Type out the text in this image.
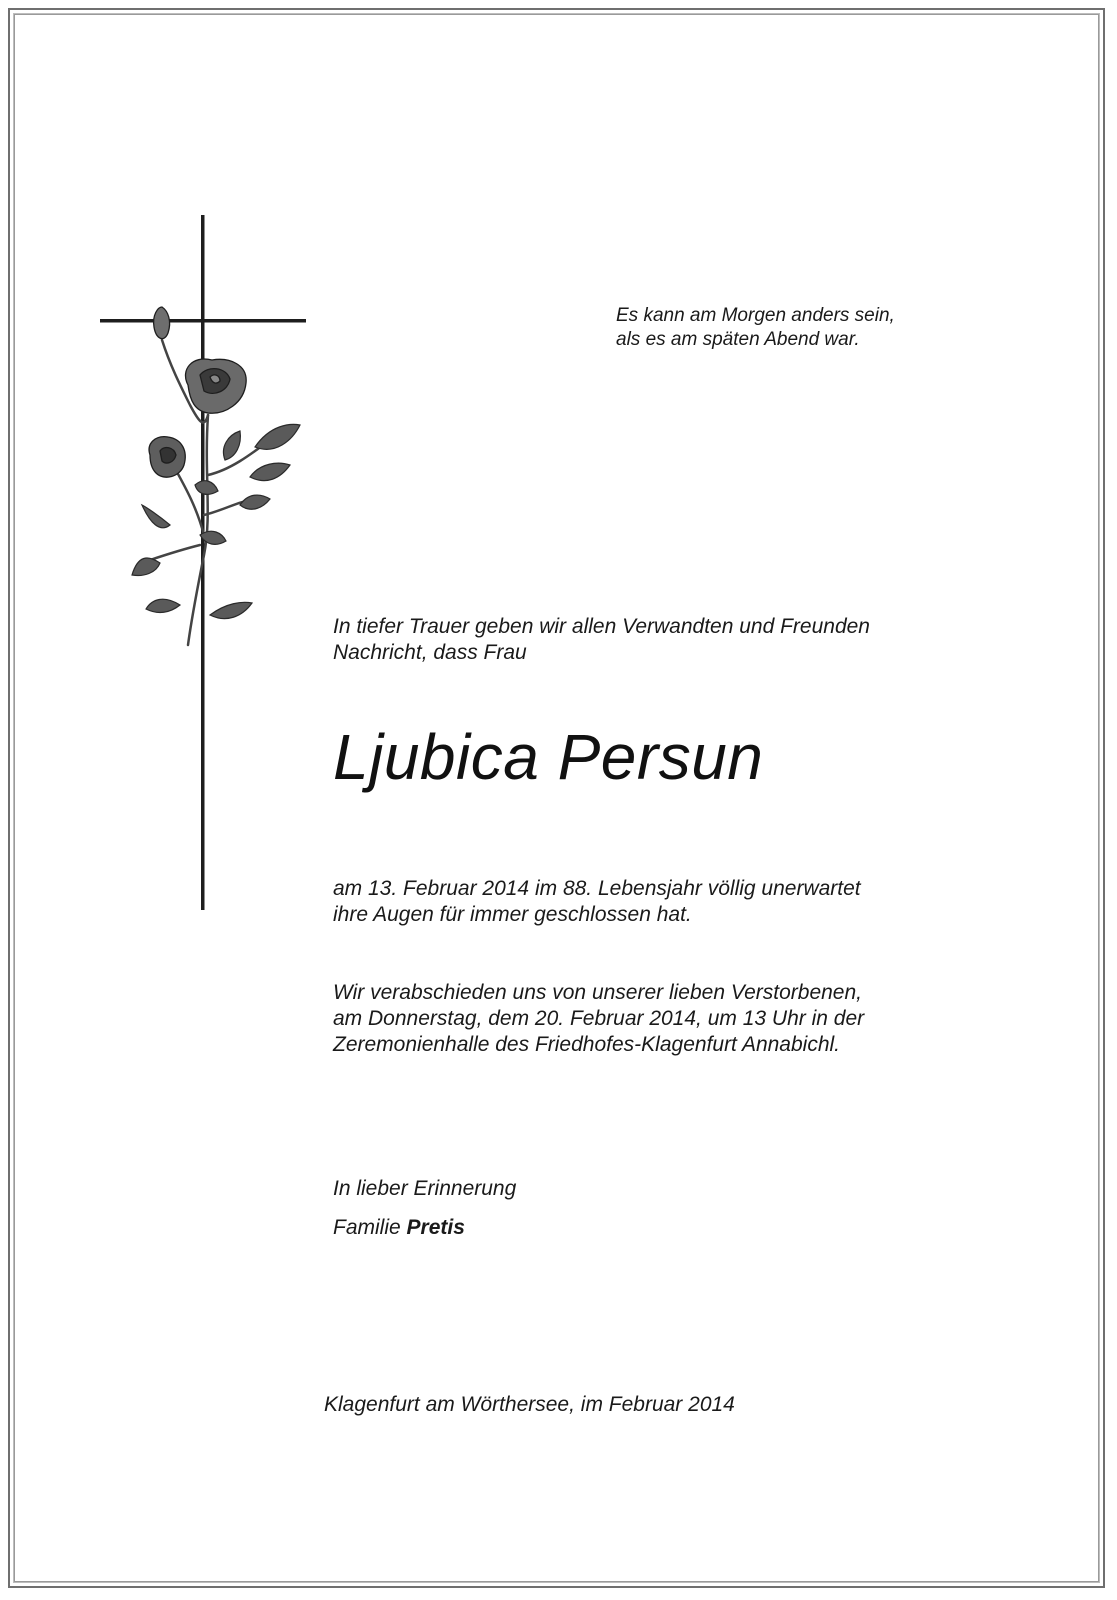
Es kann am Morgen anders sein,
als es am späten Abend war.

In tiefer Trauer geben wir allen Verwandten und Freunden
Nachricht, dass Frau

Ljubica Persun

am 13. Februar 2014 im 88. Lebensjahr völlig unerwartet
ihre Augen für immer geschlossen hat.

Wir verabschieden uns von unserer lieben Verstorbenen,
am Donnerstag, dem 20. Februar 2014, um 13 Uhr in der
Zeremonienhalle des Friedhofes-Klagenfurt Annabichl.

In lieber Erinnerung

Familie Pretis

Klagenfurt am Wörthersee, im Februar 2014
